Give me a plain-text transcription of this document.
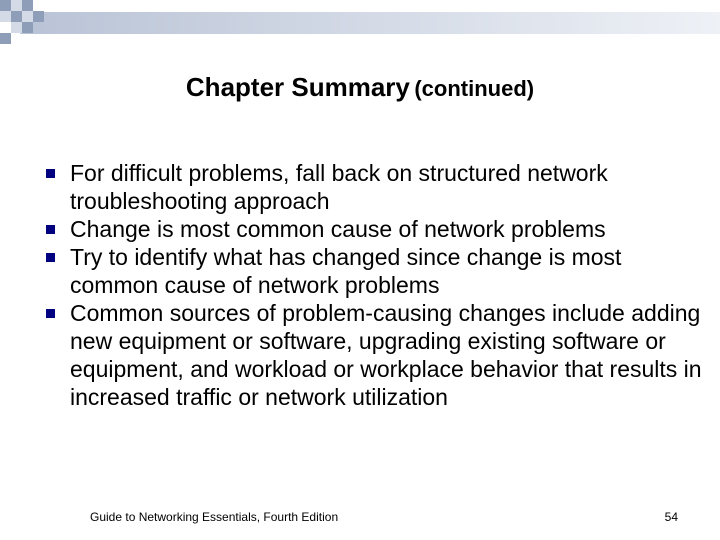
Chapter Summary (continued)
For difficult problems, fall back on structured network troubleshooting approach
Change is most common cause of network problems
Try to identify what has changed since change is most common cause of network problems
Common sources of problem-causing changes include adding new equipment or software, upgrading existing software or equipment, and workload or workplace behavior that results in increased traffic or network utilization
Guide to Networking Essentials, Fourth Edition	54
